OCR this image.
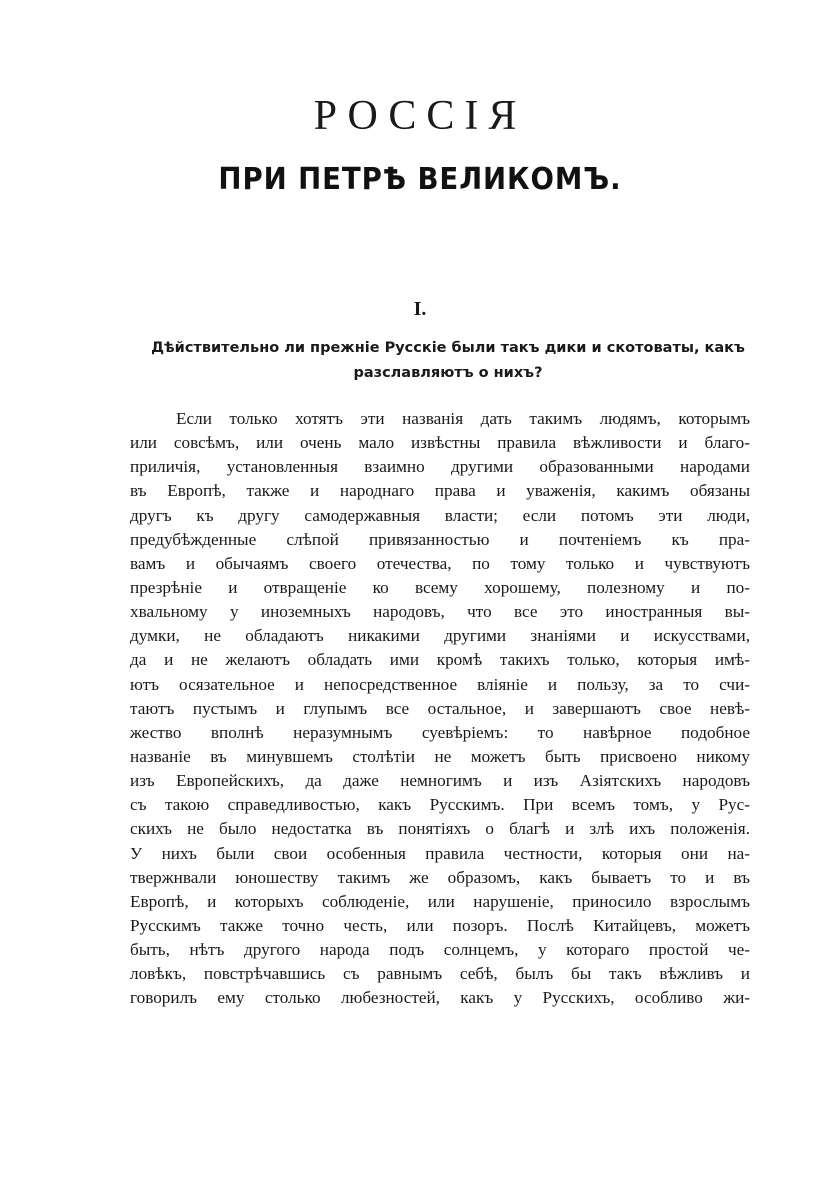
РОССІЯ
ПРИ ПЕТРѢ ВЕЛИКОМЪ.
I.
Дѣйствительно ли прежніе Русскіе были такъ дики и скотоваты, какъ разславляютъ о нихъ?
Если только хотятъ эти названія дать такимъ людямъ, которымъ
или совсѣмъ, или очень мало извѣстны правила вѣжливости и благо-
приличія, установленныя взаимно другими образованными народами
въ Европѣ, также и народнаго права и уваженія, какимъ обязаны
другъ къ другу самодержавныя власти; если потомъ эти люди,
предубѣжденные слѣпой привязанностью и почтеніемъ къ пра-
вамъ и обычаямъ своего отечества, по тому только и чувствуютъ
презрѣніе и отвращеніе ко всему хорошему, полезному и по-
хвальному у иноземныхъ народовъ, что все это иностранныя вы-
думки, не обладаютъ никакими другими знаніями и искусствами,
да и не желаютъ обладать ими кромѣ такихъ только, которыя имѣ-
ютъ осязательное и непосредственное вліяніе и пользу, за то счи-
таютъ пустымъ и глупымъ все остальное, и завершаютъ свое невѣ-
жество вполнѣ неразумнымъ суевѣріемъ: то навѣрное подобное
названіе въ минувшемъ столѣтіи не можетъ быть присвоено никому
изъ Европейскихъ, да даже немногимъ и изъ Азіятскихъ народовъ
съ такою справедливостью, какъ Русскимъ. При всемъ томъ, у Рус-
скихъ не было недостатка въ понятіяхъ о благѣ и злѣ ихъ положенія.
У нихъ были свои особенныя правила честности, которыя они на-
твержнвали юношеству такимъ же образомъ, какъ бываетъ то и въ
Европѣ, и которыхъ соблюденіе, или нарушеніе, приносило взрослымъ
Русскимъ также точно честь, или позоръ. Послѣ Китайцевъ, можетъ
быть, нѣтъ другого народа подъ солнцемъ, у котораго простой че-
ловѣкъ, повстрѣчавшись съ равнымъ себѣ, былъ бы такъ вѣжливъ и
говорилъ ему столько любезностей, какъ у Русскихъ, особливо жи-
